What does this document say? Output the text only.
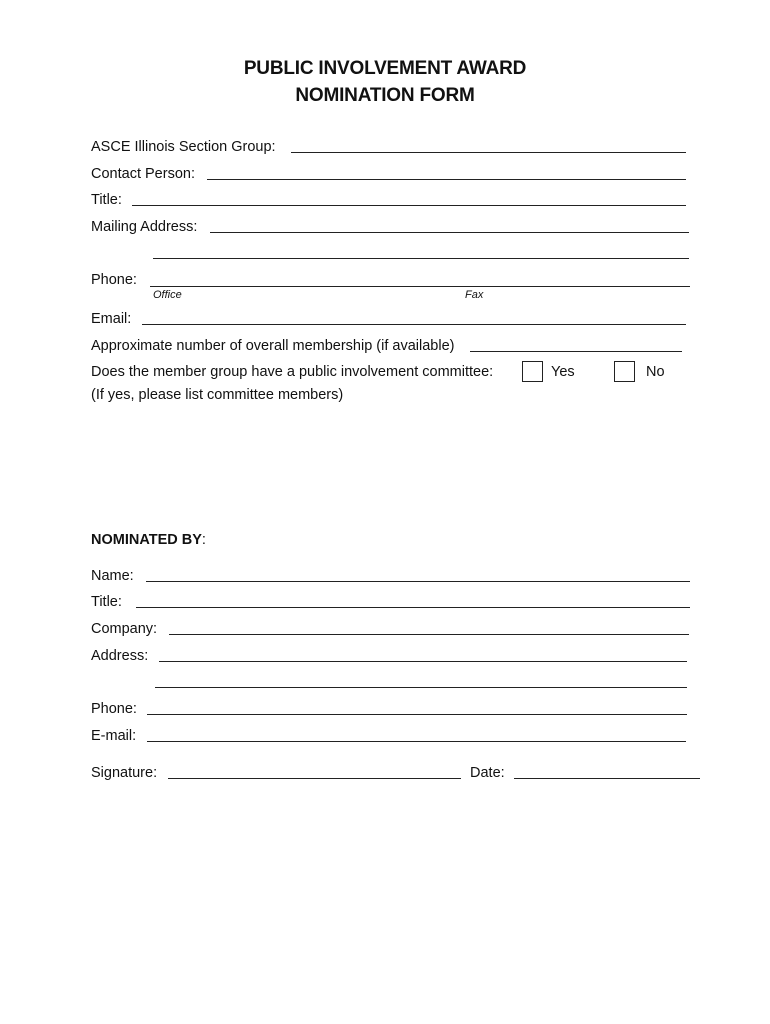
PUBLIC INVOLVEMENT AWARD
NOMINATION FORM
ASCE Illinois Section Group:
Contact Person:
Title:
Mailing Address:
Phone:
Office	Fax
Email:
Approximate number of overall membership (if available)
Does the member group have a public involvement committee:	Yes	No
(If yes, please list committee members)
NOMINATED BY:
Name:
Title:
Company:
Address:
Phone:
E-mail:
Signature:	Date:
